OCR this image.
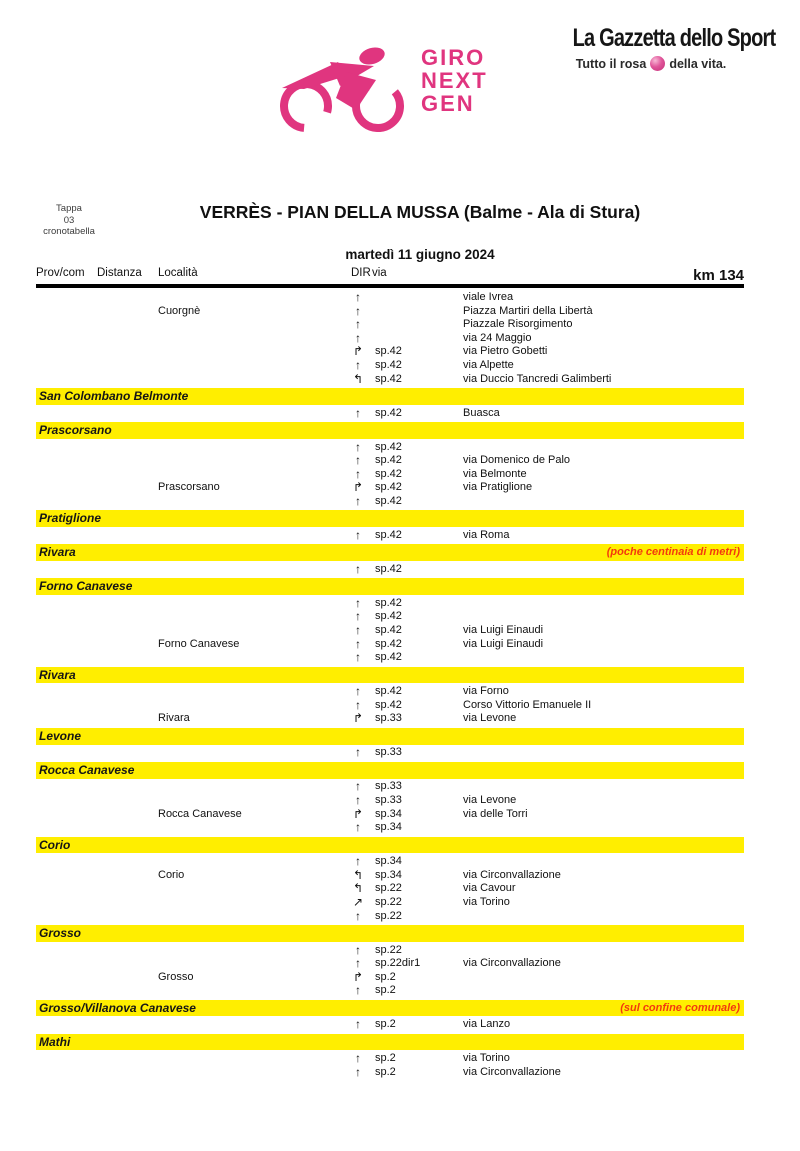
GIRO
NEXT
GEN
La Gazzetta dello Sport
Tutto il rosa della vita.
Tappa
03
cronotabella
VERRÈS - PIAN DELLA MUSSA (Balme - Ala di Stura)
martedì 11 giugno 2024
Prov/com Distanza Località	DIR via	km 134
↑	viale Ivrea
Cuorgnè	↑	Piazza Martiri della Libertà
↑	Piazzale Risorgimento
↑	via 24 Maggio
↱ sp.42	via Pietro Gobetti
↑	sp.42	via Alpette
↰ sp.42	via Duccio Tancredi Galimberti
San Colombano Belmonte
↑	sp.42	Buasca
Prascorsano
↑	sp.42
↑	sp.42	via Domenico de Palo
↑	sp.42	via Belmonte
Prascorsano	↱ sp.42	via Pratiglione
↑	sp.42
Pratiglione
↑	sp.42	via Roma
Rivara	(poche centinaia di metri)
↑	sp.42
Forno Canavese
↑	sp.42
↑	sp.42
↑	sp.42	via Luigi Einaudi
Forno Canavese	↑	sp.42	via Luigi Einaudi
↑	sp.42
Rivara
↑	sp.42	via Forno
↑	sp.42	Corso Vittorio Emanuele II
Rivara	↱ sp.33	via Levone
Levone
↑	sp.33
Rocca Canavese
↑	sp.33
↑	sp.33	via Levone
Rocca Canavese	↱ sp.34	via delle Torri
↑	sp.34
Corio
↑	sp.34
Corio	↰ sp.34	via Circonvallazione
↰ sp.22	via Cavour
↗ sp.22	via Torino
↑	sp.22
Grosso
↑	sp.22
↑	sp.22dir1	via Circonvallazione
Grosso	↱ sp.2
↑	sp.2
Grosso/Villanova Canavese	(sul confine comunale)
↑	sp.2	via Lanzo
Mathi
↑	sp.2	via Torino
↑	sp.2	via Circonvallazione
